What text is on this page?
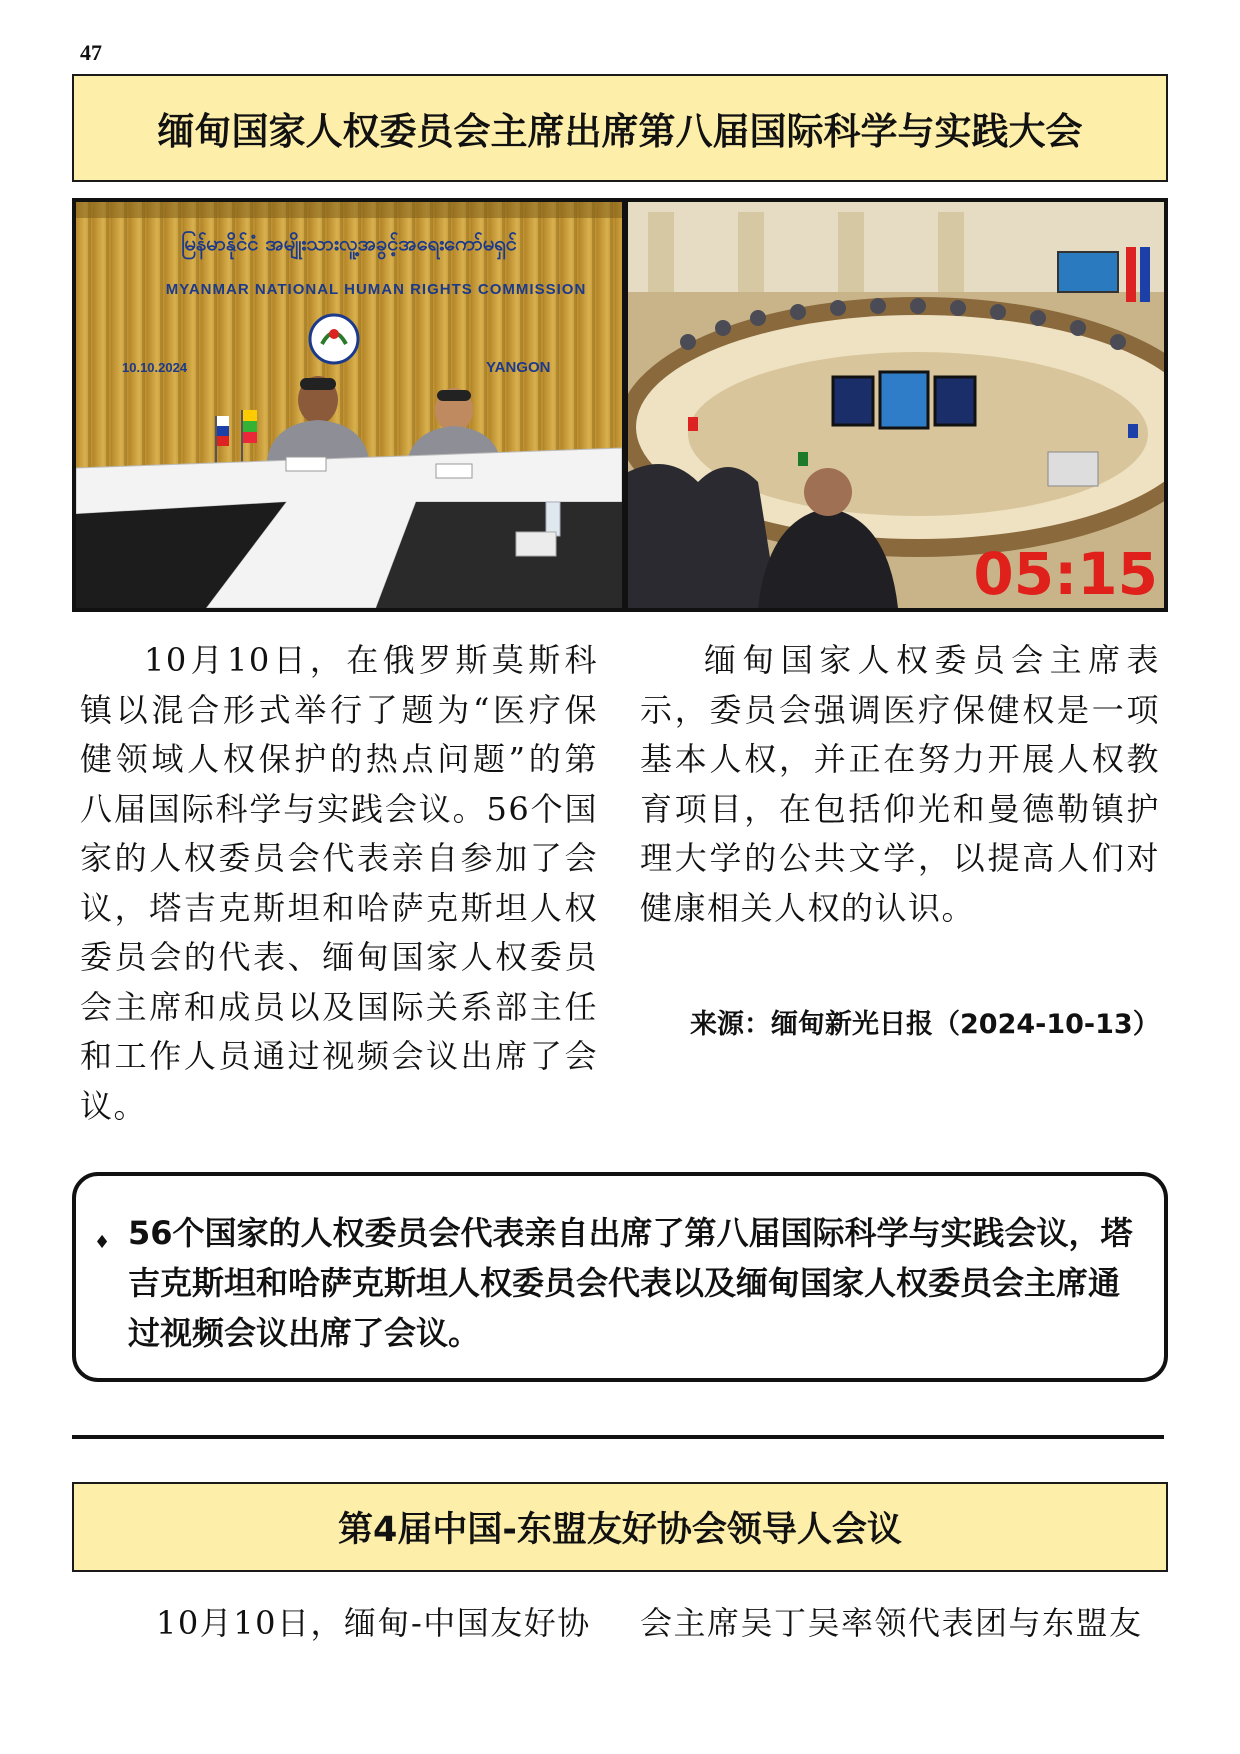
47
缅甸国家人权委员会主席出席第八届国际科学与实践大会
မြန်မာနိုင်ငံ အမျိုးသားလူ့အခွင့်အရေးကော်မရှင်
MYANMAR NATIONAL HUMAN RIGHTS COMMISSION
10.10.2024	YANGON
05:15

10月10日，在俄罗斯莫斯科镇以混合形式举行了题为“医疗保健领域人权保护的热点问题”的第八届国际科学与实践会议。56个国家的人权委员会代表亲自参加了会议，塔吉克斯坦和哈萨克斯坦人权委员会的代表、缅甸国家人权委员会主席和成员以及国际关系部主任和工作人员通过视频会议出席了会议。

缅甸国家人权委员会主席表示，委员会强调医疗保健权是一项基本人权，并正在努力开展人权教育项目，在包括仰光和曼德勒镇护理大学的公共文学，以提高人们对健康相关人权的认识。

来源：缅甸新光日报（2024-10-13）
♦ 56个国家的人权委员会代表亲自出席了第八届国际科学与实践会议，塔吉克斯坦和哈萨克斯坦人权委员会代表以及缅甸国家人权委员会主席通过视频会议出席了会议。

第4届中国-东盟友好协会领导人会议

10月10日，缅甸-中国友好协 会主席吴丁吴率领代表团与东盟友
